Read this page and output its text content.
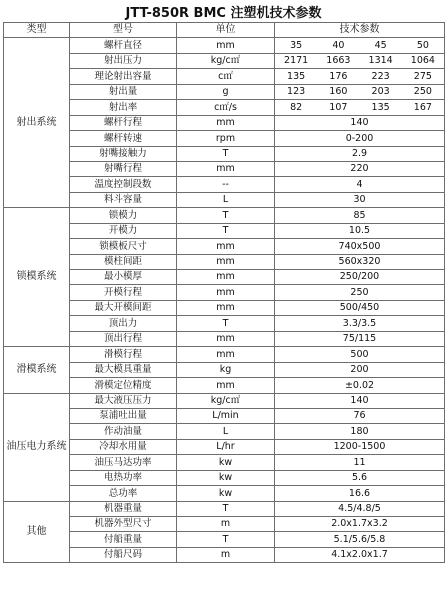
JTT-850R BMC 注塑机技术参数
类型	型号	单位	技术参数
射出系统	螺杆直径	mm	35 40 45 50

	射出压力	kg/c㎡	2171 1663 1314 1064

	理论射出容量	c㎡	135 176 223 275

	射出量	g	123 160 203 250

	射出率	c㎡/s	82 107 135 167

	螺杆行程	mm	140
	螺杆转速	rpm	0-200
	射嘴接触力	T	2.9
	射嘴行程	mm	220
	温度控制段数	--	4
	料斗容量	L	30
锁模系统	锁模力	T	85
	开模力	T	10.5
	锁模板尺寸	mm	740x500
	模柱间距	mm	560x320
	最小模厚	mm	250/200
	开模行程	mm	250
	最大开模间距	mm	500/450
	顶出力	T	3.3/3.5
	顶出行程	mm	75/115
滑模系统	滑模行程	mm	500
	最大模具重量	kg	200
	滑模定位精度	mm	±0.02
油压电力系统	最大液压压力	kg/c㎡	140
	泵浦吐出量	L/min	76
	作动油量	L	180
	冷却水用量	L/hr	1200-1500
	油压马达功率	kw	11
	电热功率	kw	5.6
	总功率	kw	16.6
其他	机器重量	T	4.5/4.8/5
	机器外型尺寸	m	2.0x1.7x3.2
	付船重量	T	5.1/5.6/5.8
	付船尺码	m	4.1x2.0x1.7
